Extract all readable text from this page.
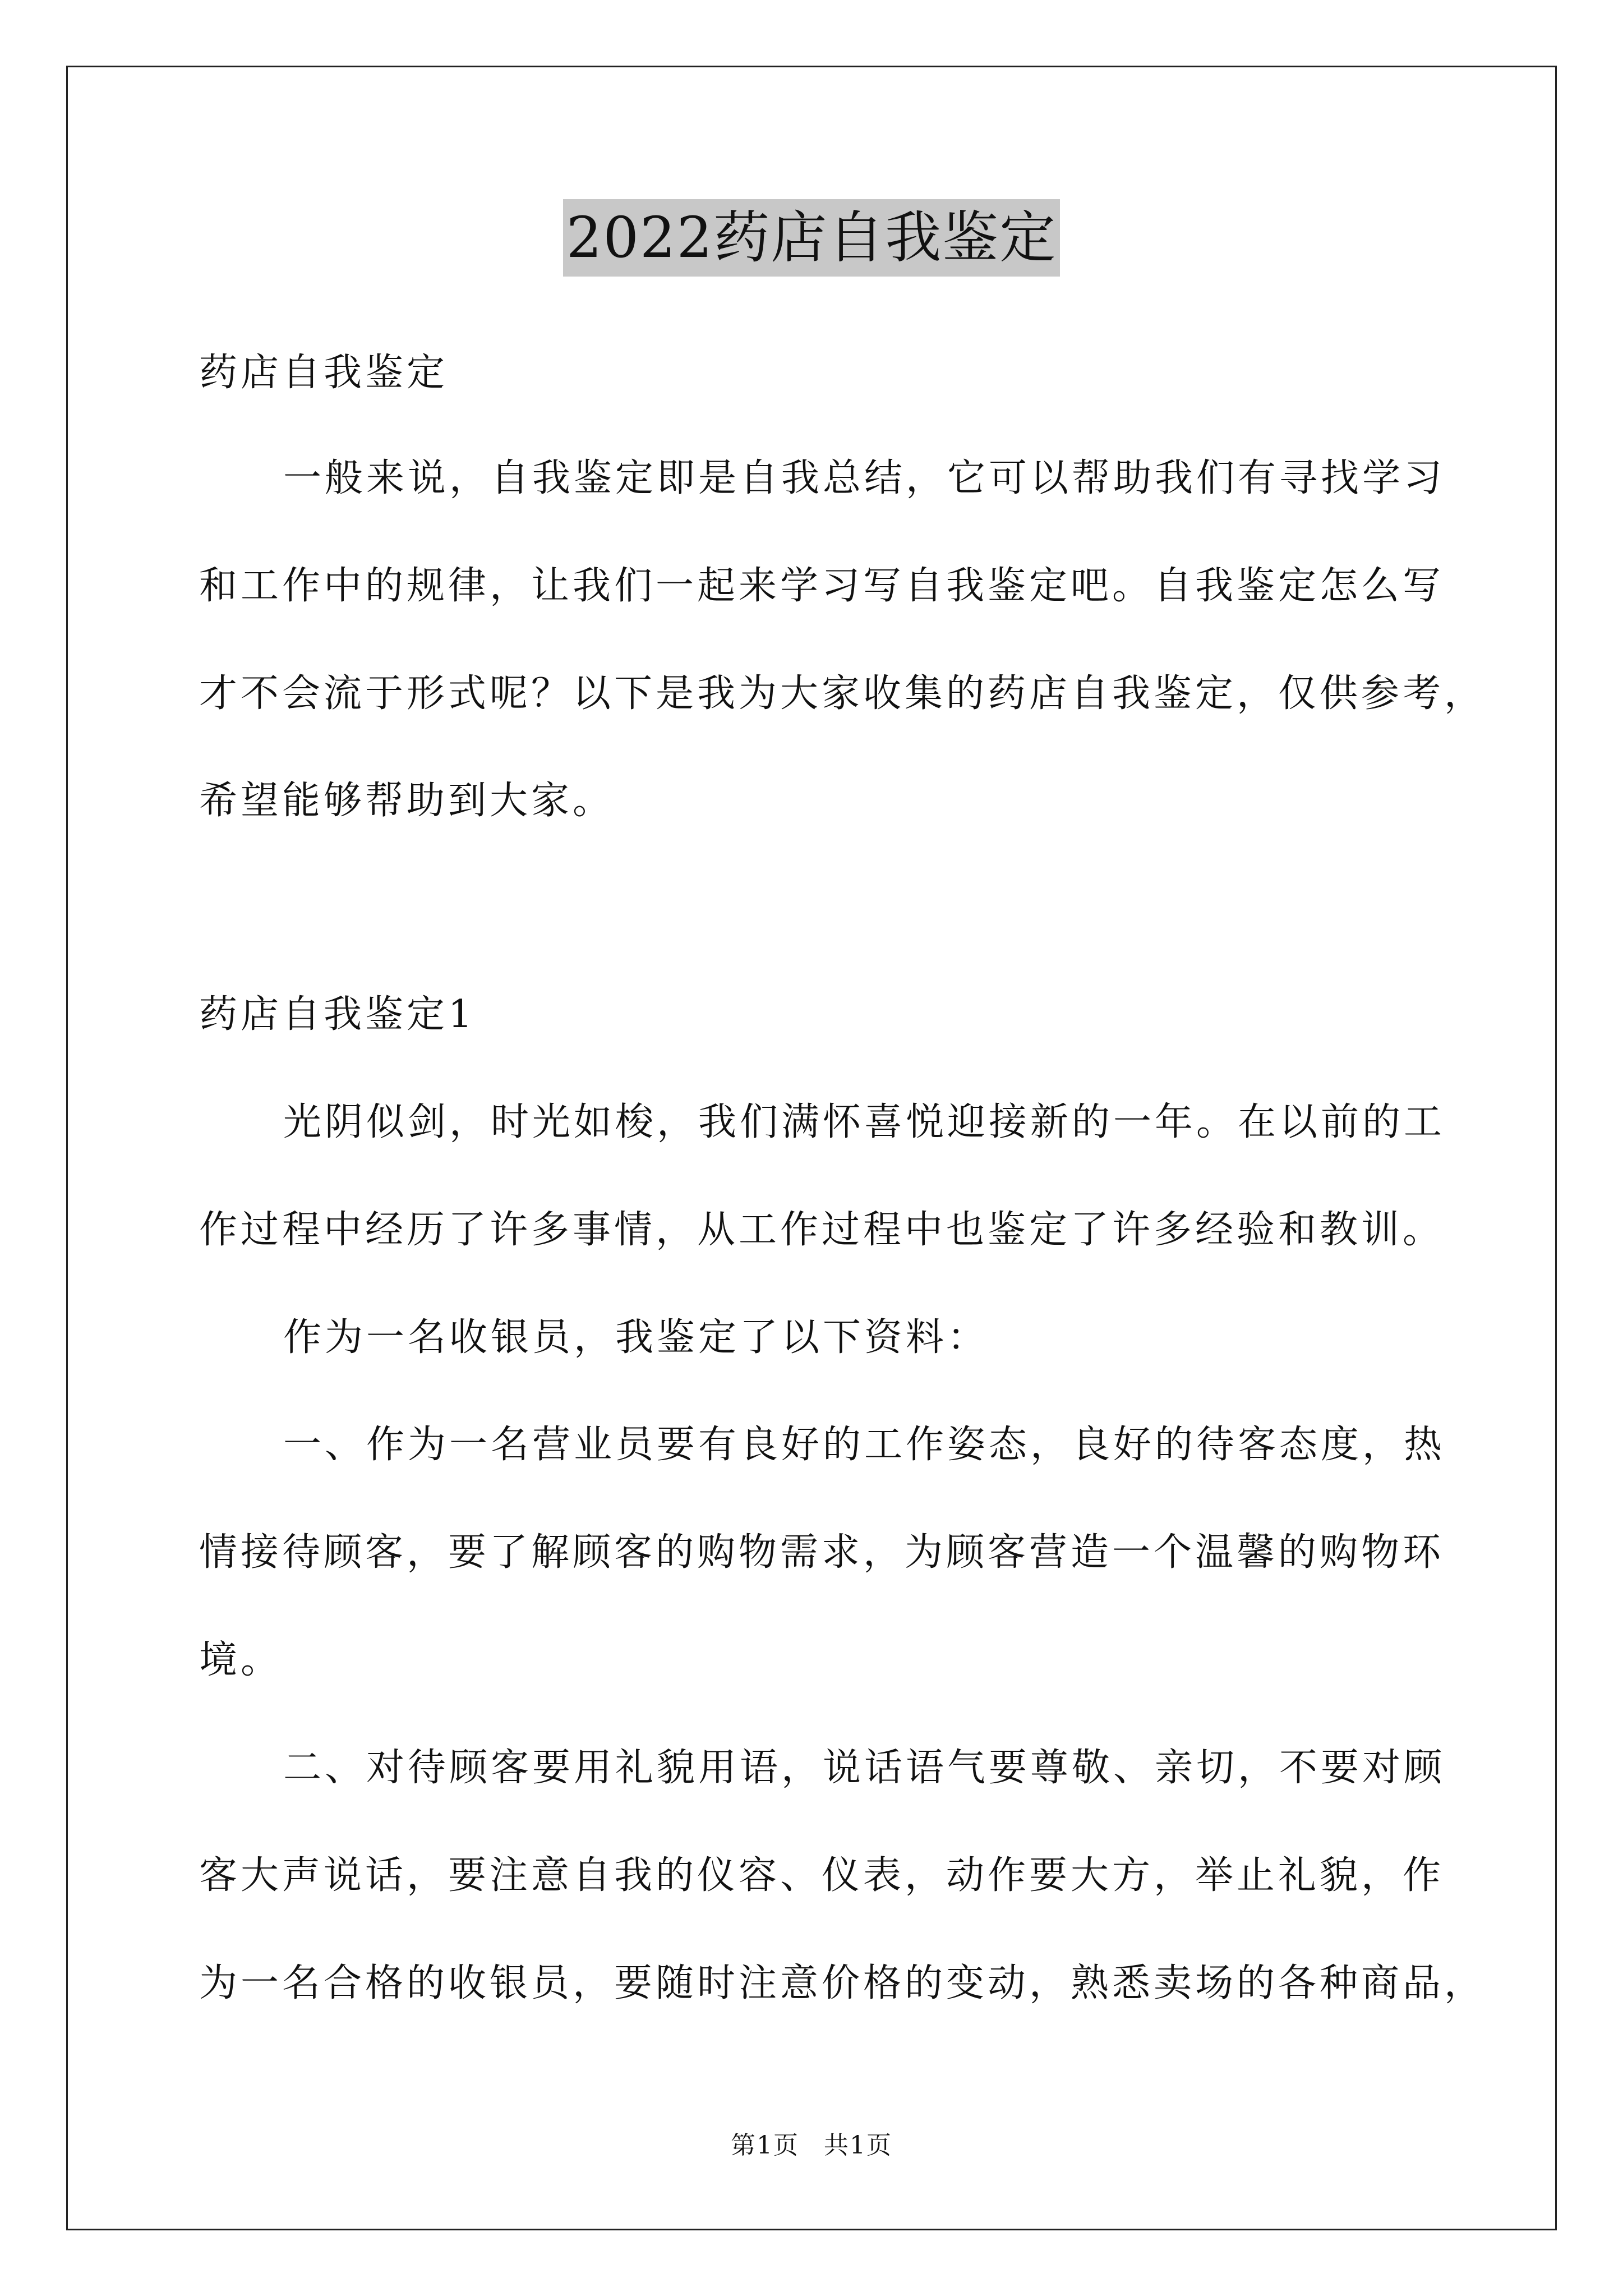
2022药店自我鉴定
药店自我鉴定
一般来说，自我鉴定即是自我总结，它可以帮助我们有寻找学习
和工作中的规律，让我们一起来学习写自我鉴定吧。自我鉴定怎么写
才不会流于形式呢？以下是我为大家收集的药店自我鉴定，仅供参考，
希望能够帮助到大家。
药店自我鉴定1
光阴似剑，时光如梭，我们满怀喜悦迎接新的一年。在以前的工
作过程中经历了许多事情，从工作过程中也鉴定了许多经验和教训。
作为一名收银员，我鉴定了以下资料：
一、作为一名营业员要有良好的工作姿态，良好的待客态度，热
情接待顾客，要了解顾客的购物需求，为顾客营造一个温馨的购物环
境。
二、对待顾客要用礼貌用语，说话语气要尊敬、亲切，不要对顾
客大声说话，要注意自我的仪容、仪表，动作要大方，举止礼貌，作
为一名合格的收银员，要随时注意价格的变动，熟悉卖场的各种商品，
第1页 共1页
